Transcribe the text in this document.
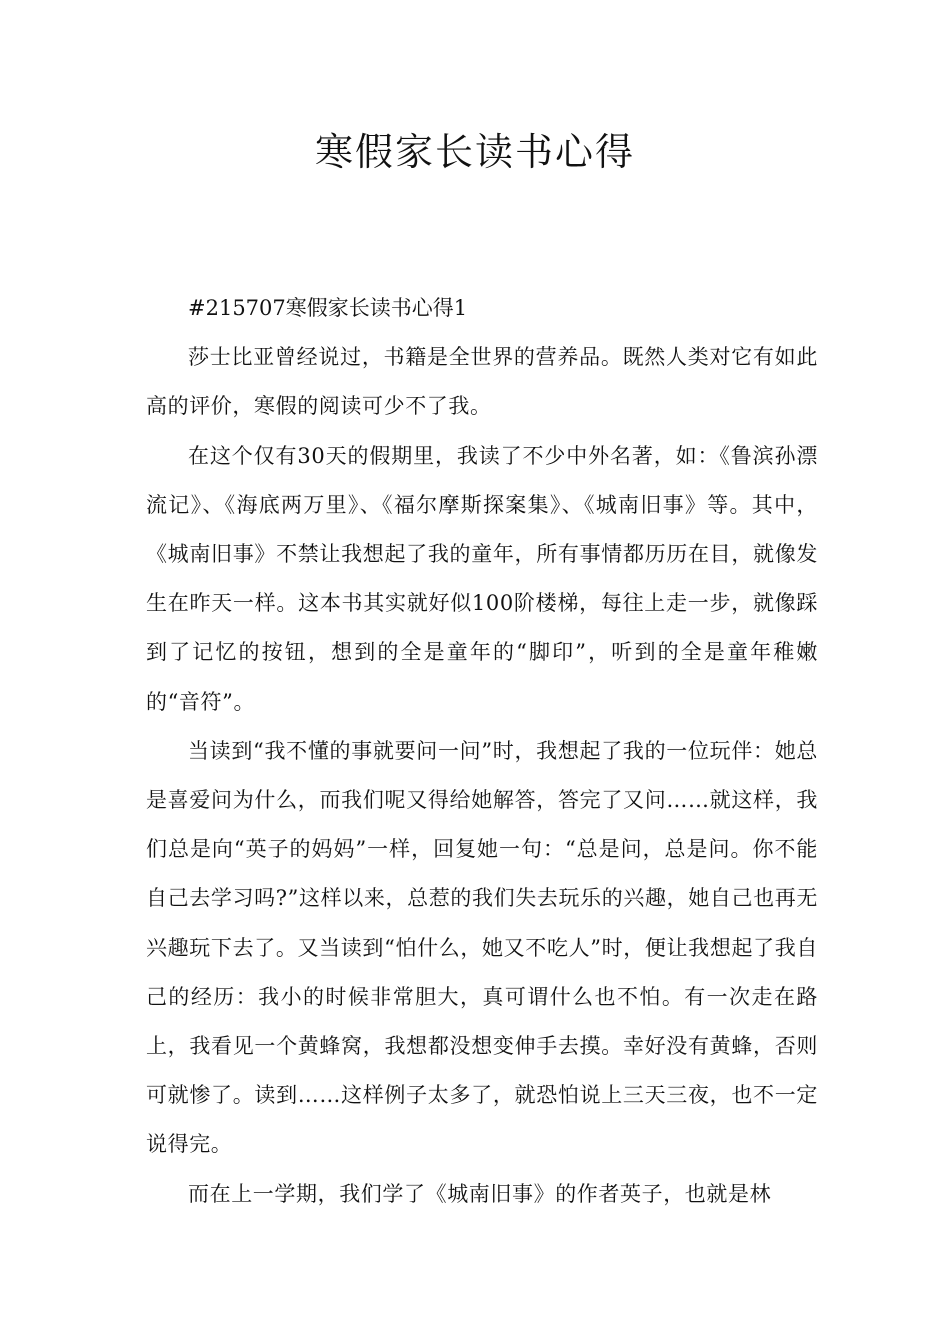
寒假家长读书心得

#215707寒假家长读书心得1

莎士比亚曾经说过，书籍是全世界的营养品。既然人类对它有如此高的评价，寒假的阅读可少不了我。

在这个仅有30天的假期里，我读了不少中外名著，如：《鲁滨孙漂流记》、《海底两万里》、《福尔摩斯探案集》、《城南旧事》等。其中，《城南旧事》不禁让我想起了我的童年，所有事情都历历在目，就像发生在昨天一样。这本书其实就好似100阶楼梯，每往上走一步，就像踩到了记忆的按钮，想到的全是童年的“脚印”，听到的全是童年稚嫩的“音符”。

当读到“我不懂的事就要问一问”时，我想起了我的一位玩伴：她总是喜爱问为什么，而我们呢又得给她解答，答完了又问……就这样，我们总是向“英子的妈妈”一样，回复她一句：“总是问，总是问。你不能自己去学习吗?”这样以来，总惹的我们失去玩乐的兴趣，她自己也再无兴趣玩下去了。又当读到“怕什么，她又不吃人”时，便让我想起了我自己的经历：我小的时候非常胆大，真可谓什么也不怕。有一次走在路上，我看见一个黄蜂窝，我想都没想变伸手去摸。幸好没有黄蜂，否则可就惨了。读到……这样例子太多了，就恐怕说上三天三夜，也不一定说得完。

而在上一学期，我们学了《城南旧事》的作者英子，也就是林
